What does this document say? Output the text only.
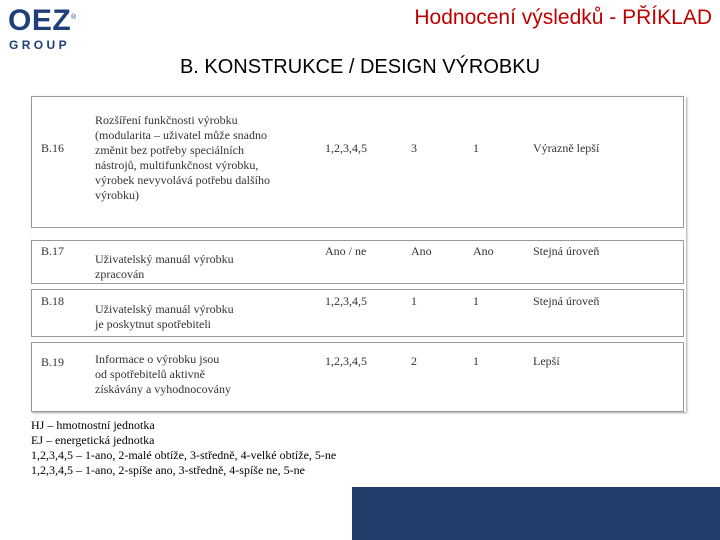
OEZ ®
GROUP
Hodnocení výsledků - PŘÍKLAD
B. KONSTRUKCE / DESIGN VÝROBKU
B.16
Rozšíření funkčnosti výrobku
(modularita – uživatel může snadno
změnit bez potřeby speciálních
nástrojů, multifunkčnost výrobku,
výrobek nevyvolává potřebu dalšího
výrobku)
1,2,3,4,5	3	1	Výrazně lepší
B.17
Uživatelský manuál výrobku
zpracován
Ano / ne	Ano	Ano	Stejná úroveň
B.18
Uživatelský manuál výrobku
je poskytnut spotřebiteli
1,2,3,4,5	1	1	Stejná úroveň
B.19	Informace o výrobku jsou
od spotřebitelů aktivně
získávány a vyhodnocovány
1,2,3,4,5	2	1	Lepší
HJ – hmotnostní jednotka
EJ – energetická jednotka
1,2,3,4,5 – 1-ano, 2-malé obtíže, 3-středně, 4-velké obtíže, 5-ne
1,2,3,4,5 – 1-ano, 2-spíše ano, 3-středně, 4-spíše ne, 5-ne
